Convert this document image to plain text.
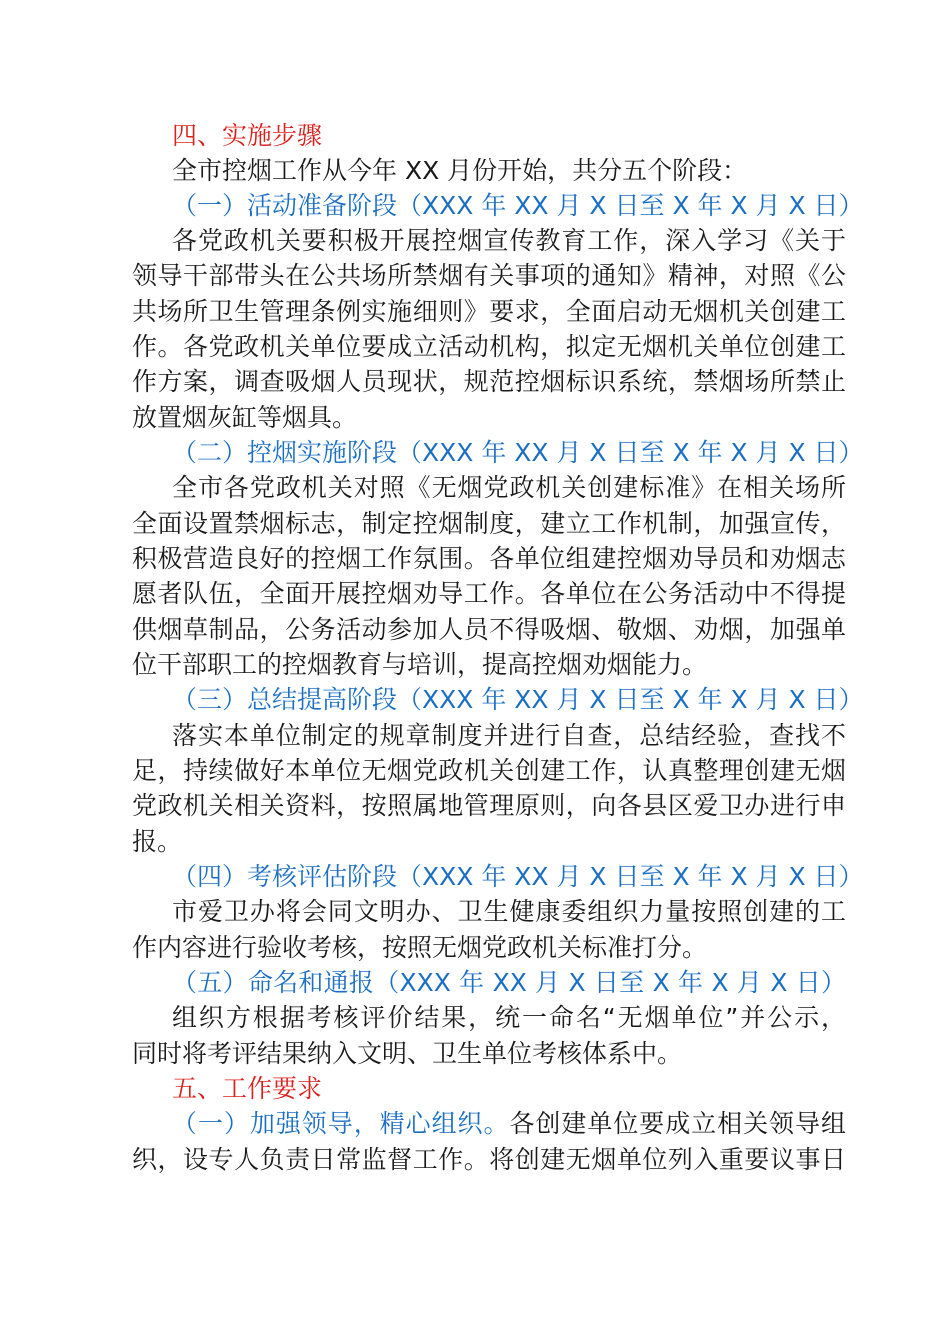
四、实施步骤
全市控烟工作从今年 XX 月份开始，共分五个阶段：
（一）活动准备阶段（XXX 年 XX 月 X 日至 X 年 X 月 X 日）
各党政机关要积极开展控烟宣传教育工作，深入学习《关于
领导干部带头在公共场所禁烟有关事项的通知》精神，对照《公
共场所卫生管理条例实施细则》要求，全面启动无烟机关创建工
作。各党政机关单位要成立活动机构，拟定无烟机关单位创建工
作方案，调查吸烟人员现状，规范控烟标识系统，禁烟场所禁止
放置烟灰缸等烟具。
（二）控烟实施阶段（XXX 年 XX 月 X 日至 X 年 X 月 X 日）
全市各党政机关对照《无烟党政机关创建标准》在相关场所
全面设置禁烟标志，制定控烟制度，建立工作机制，加强宣传，
积极营造良好的控烟工作氛围。各单位组建控烟劝导员和劝烟志
愿者队伍，全面开展控烟劝导工作。各单位在公务活动中不得提
供烟草制品，公务活动参加人员不得吸烟、敬烟、劝烟，加强单
位干部职工的控烟教育与培训，提高控烟劝烟能力。
（三）总结提高阶段（XXX 年 XX 月 X 日至 X 年 X 月 X 日）
落实本单位制定的规章制度并进行自查，总结经验，查找不
足，持续做好本单位无烟党政机关创建工作，认真整理创建无烟
党政机关相关资料，按照属地管理原则，向各县区爱卫办进行申
报。
（四）考核评估阶段（XXX 年 XX 月 X 日至 X 年 X 月 X 日）
市爱卫办将会同文明办、卫生健康委组织力量按照创建的工
作内容进行验收考核，按照无烟党政机关标准打分。
（五）命名和通报（XXX 年 XX 月 X 日至 X 年 X 月 X 日）
组织方根据考核评价结果，统一命名“无烟单位”并公示，
同时将考评结果纳入文明、卫生单位考核体系中。
五、工作要求
（一）加强领导，精心组织。各创建单位要成立相关领导组
织，设专人负责日常监督工作。将创建无烟单位列入重要议事日
